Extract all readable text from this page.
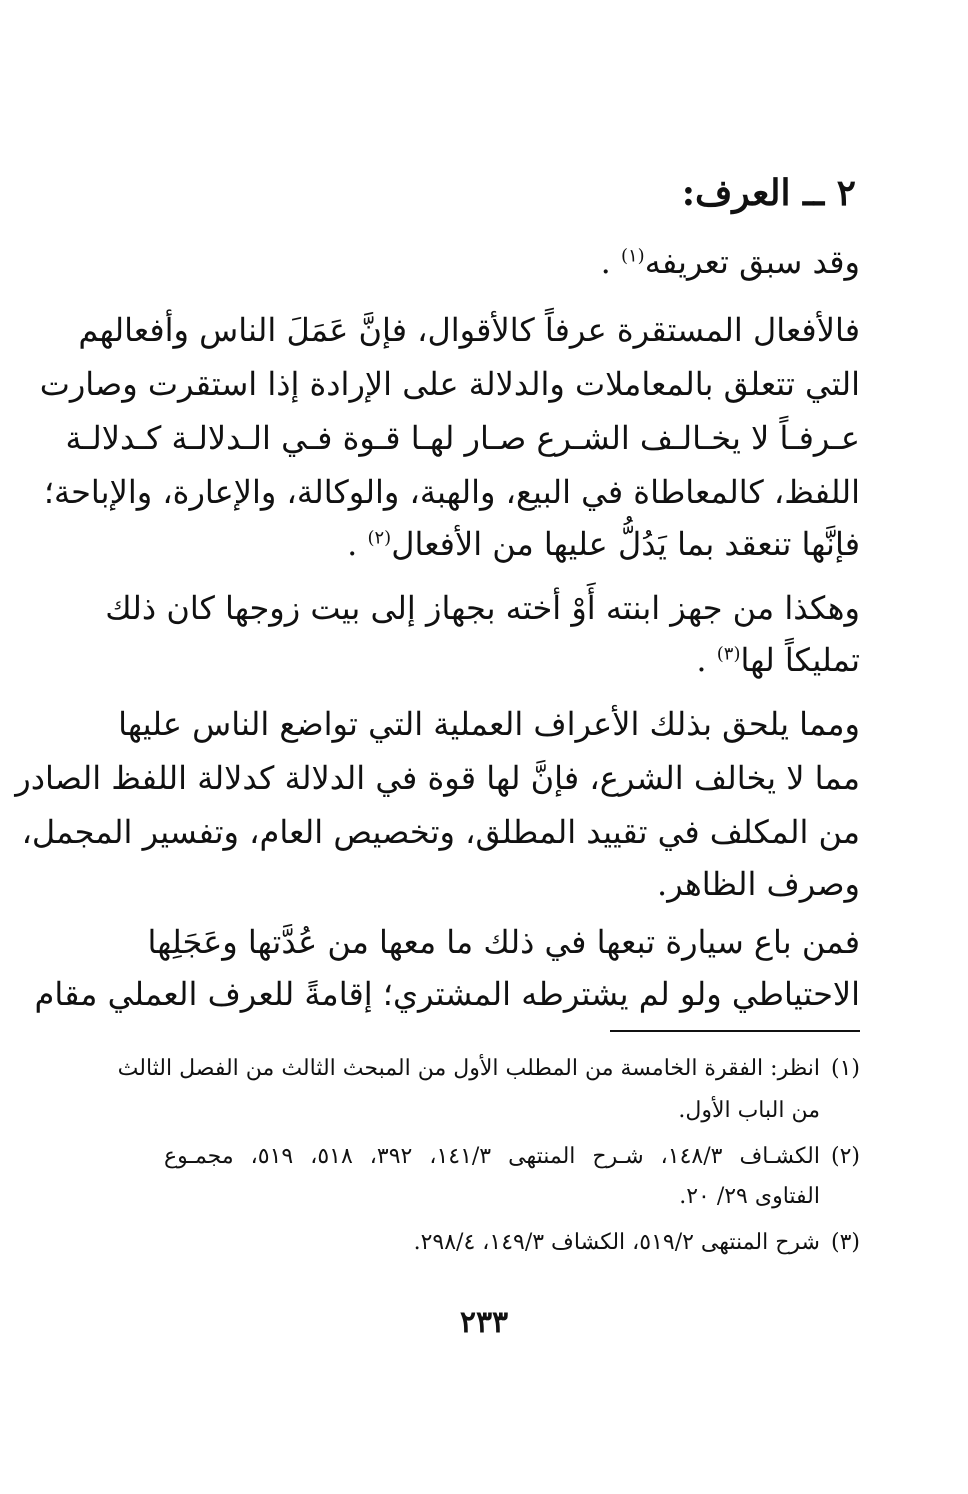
٢ ــ العرف:
وقد سبق تعريفه$^{(١)}$ .
فالأفعال المستقرة عرفاً كالأقوال، فإنَّ عَمَلَ الناس وأفعالهم
التي تتعلق بالمعاملات والدلالة على الإرادة إذا استقرت وصارت
عـرفـاً لا يخـالـف الشـرع صـار لهـا قـوة فـي الـدلالـة كـدلالـة
اللفظ، كالمعاطاة في البيع، والهبة، والوكالة، والإعارة، والإباحة؛
فإنَّها تنعقد بما يَدُلُّ عليها من الأفعال$^{(٢)}$ .
وهكذا من جهز ابنته أَوْ أخته بجهاز إلى بيت زوجها كان ذلك
تمليكاً لها$^{(٣)}$ .
ومما يلحق بذلك الأعراف العملية التي تواضع الناس عليها
مما لا يخالف الشرع، فإنَّ لها قوة في الدلالة كدلالة اللفظ الصادر
من المكلف في تقييد المطلق، وتخصيص العام، وتفسير المجمل،
وصرف الظاهر.
فمن باع سيارة تبعها في ذلك ما معها من عُدَّتها وعَجَلِها
الاحتياطي ولو لم يشترطه المشتري؛ إقامةً للعرف العملي مقام
(١)انظر: الفقرة الخامسة من المطلب الأول من المبحث الثالث من الفصل الثالث
من الباب الأول.
(٢)الكشـاف ١٤٨/٣، شـرح المنتهى ١٤١/٣، ٣٩٢، ٥١٨، ٥١٩، مجمـوع
الفتاوى ٢٩/ ٢٠.
(٣)شرح المنتهى ٥١٩/٢، الكشاف ١٤٩/٣، ٢٩٨/٤.
٢٣٣
